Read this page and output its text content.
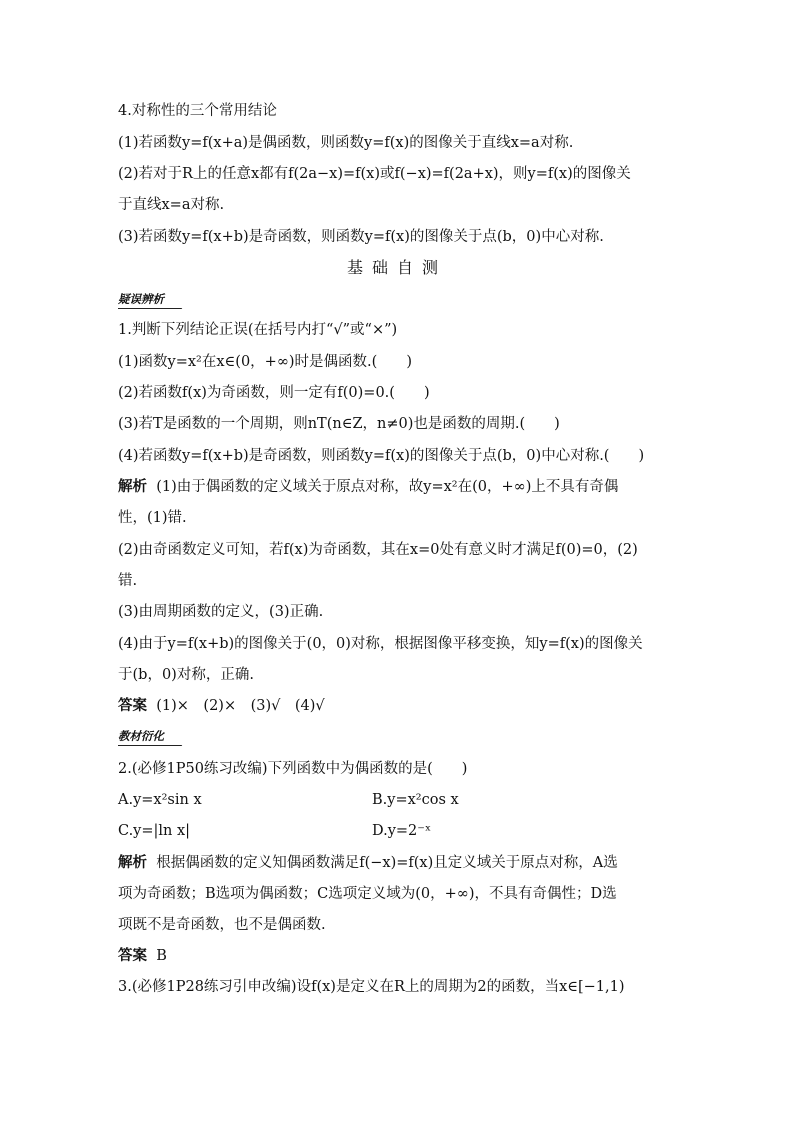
4.对称性的三个常用结论
(1)若函数y=f(x+a)是偶函数，则函数y=f(x)的图像关于直线x=a对称.
(2)若对于R上的任意x都有f(2a−x)=f(x)或f(−x)=f(2a+x)，则y=f(x)的图像关
于直线x=a对称.
(3)若函数y=f(x+b)是奇函数，则函数y=f(x)的图像关于点(b，0)中心对称.
基础自测
疑误辨析
1.判断下列结论正误(在括号内打“√”或“×”)
(1)函数y=x²在x∈(0，+∞)时是偶函数.(　　)
(2)若函数f(x)为奇函数，则一定有f(0)=0.(　　)
(3)若T是函数的一个周期，则nT(n∈Z，n≠0)也是函数的周期.(　　)
(4)若函数y=f(x+b)是奇函数，则函数y=f(x)的图像关于点(b，0)中心对称.(　　)
解析 (1)由于偶函数的定义域关于原点对称，故y=x²在(0，+∞)上不具有奇偶
性，(1)错.
(2)由奇函数定义可知，若f(x)为奇函数，其在x=0处有意义时才满足f(0)=0，(2)
错.
(3)由周期函数的定义，(3)正确.
(4)由于y=f(x+b)的图像关于(0，0)对称，根据图像平移变换，知y=f(x)的图像关
于(b，0)对称，正确.
答案 (1)×　(2)×　(3)√　(4)√
教材衍化
2.(必修1P50练习改编)下列函数中为偶函数的是(　　)
A.y=x²sin x	B.y=x²cos x
C.y=|ln x|	D.y=2⁻ˣ
解析 根据偶函数的定义知偶函数满足f(−x)=f(x)且定义域关于原点对称，A选
项为奇函数；B选项为偶函数；C选项定义域为(0，+∞)，不具有奇偶性；D选
项既不是奇函数，也不是偶函数.
答案 B
3.(必修1P28练习引申改编)设f(x)是定义在R上的周期为2的函数，当x∈[−1,1)
